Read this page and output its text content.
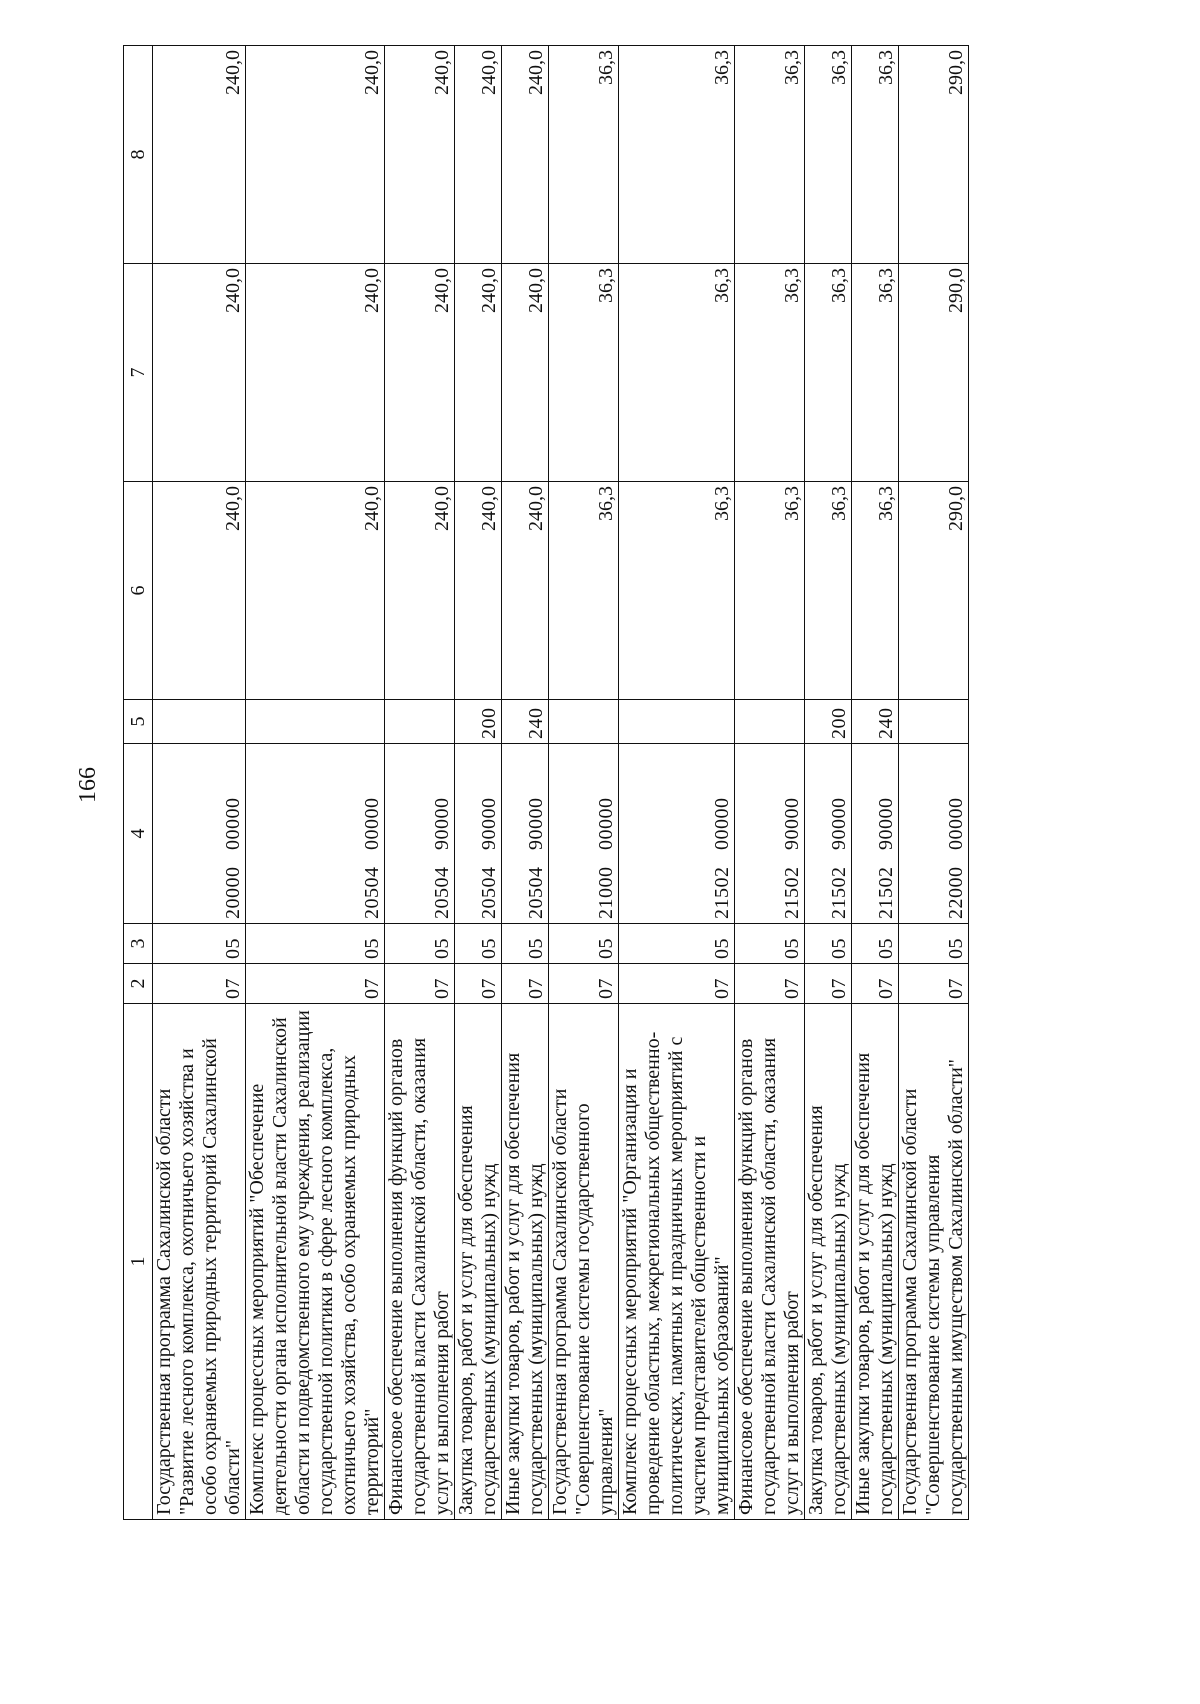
166
1	2	3	4	5	6	7	8
Государственная программа Сахалинской области "Развитие лесного комплекса, охотничьего хозяйства и особо охраняемых природных территорий Сахалинской области"	07	05	20000   00000		240,0	240,0	240,0
Комплекс процессных мероприятий "Обеспечение деятельности органа исполнительной власти Сахалинской области и подведомственного ему учреждения, реализации государственной политики в сфере лесного комплекса, охотничьего хозяйства, особо охраняемых природных территорий"	07	05	20504   00000		240,0	240,0	240,0
Финансовое обеспечение выполнения функций органов государственной власти Сахалинской области, оказания услуг и выполнения работ	07	05	20504   90000		240,0	240,0	240,0
Закупка товаров, работ и услуг для обеспечения государственных (муниципальных) нужд	07	05	20504   90000	200	240,0	240,0	240,0
Иные закупки товаров, работ и услуг для обеспечения государственных (муниципальных) нужд	07	05	20504   90000	240	240,0	240,0	240,0
Государственная программа Сахалинской области "Совершенствование системы государственного управления"	07	05	21000   00000		36,3	36,3	36,3
Комплекс процессных мероприятий "Организация и проведение областных, межрегиональных общественно-политических, памятных и праздничных мероприятий с участием представителей общественности и муниципальных образований"	07	05	21502   00000		36,3	36,3	36,3
Финансовое обеспечение выполнения функций органов государственной власти Сахалинской области, оказания услуг и выполнения работ	07	05	21502   90000		36,3	36,3	36,3
Закупка товаров, работ и услуг для обеспечения государственных (муниципальных) нужд	07	05	21502   90000	200	36,3	36,3	36,3
Иные закупки товаров, работ и услуг для обеспечения государственных (муниципальных) нужд	07	05	21502   90000	240	36,3	36,3	36,3
Государственная программа Сахалинской области "Совершенствование системы управления государственным имуществом Сахалинской области"	07	05	22000   00000		290,0	290,0	290,0
